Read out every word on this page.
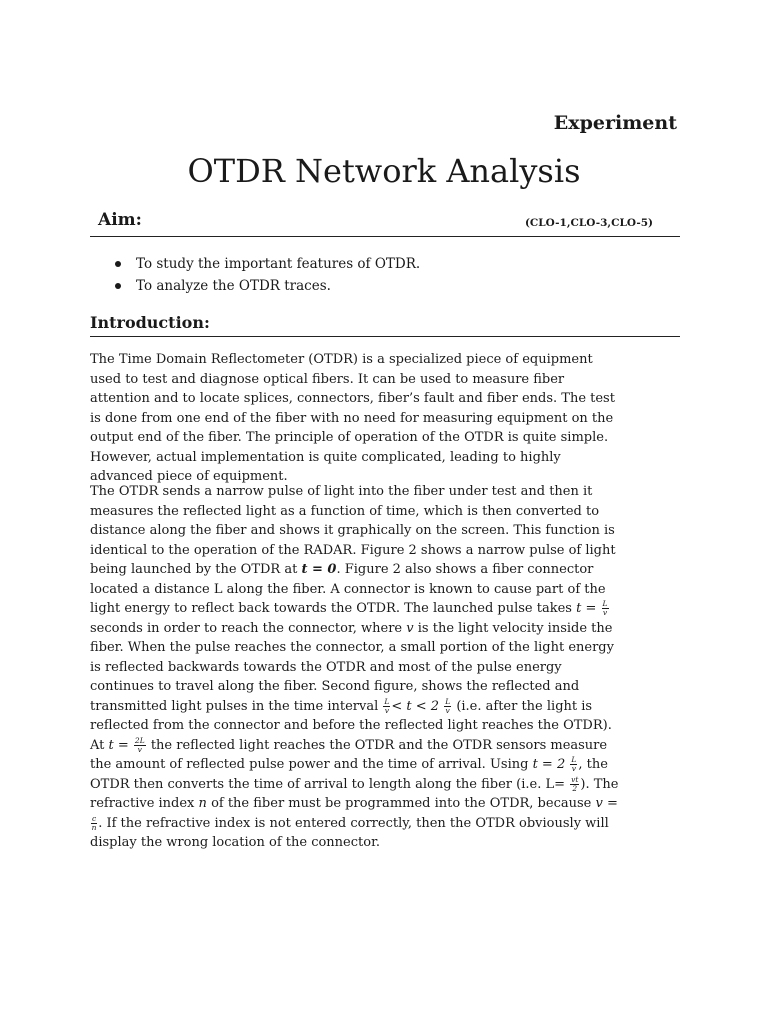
Experiment
OTDR Network Analysis
Aim:	(CLO-1,CLO-3,CLO-5)
To study the important features of OTDR.
To analyze the OTDR traces.
Introduction:

The Time Domain Reflectometer (OTDR) is a specialized piece of equipment used to test and diagnose optical fibers. It can be used to measure fiber attention and to locate splices, connectors, fiber’s fault and fiber ends. The test is done from one end of the fiber with no need for measuring equipment on the output end of the fiber. The principle of operation of the OTDR is quite simple. However, actual implementation is quite complicated, leading to highly advanced piece of equipment.

The OTDR sends a narrow pulse of light into the fiber under test and then it measures the reflected light as a function of time, which is then converted to distance along the fiber and shows it graphically on the screen. This function is identical to the operation of the RADAR. Figure 2 shows a narrow pulse of light being launched by the OTDR at t = 0. Figure 2 also shows a fiber connector located a distance L along the fiber. A connector is known to cause part of the light energy to reflect back towards the OTDR. The launched pulse takes $t = \frac{L}{v}$
seconds in order to reach the connector, where v is the light velocity inside the fiber. When the pulse reaches the connector, a small portion of the light energy is reflected backwards towards the OTDR and most of the pulse energy continues to travel along the fiber. Second figure, shows the reflected and transmitted light pulses in the time interval $\frac{L}{v} < t < 2 \frac{L}{v} (i.e$. after the light is reflected from the connector and before the reflected light reaches the OTDR). At $t = \frac{2L}{v}$ the reflected light reaches the OTDR and the OTDR sensors measure the amount of reflected pulse power and the time of arrival. Using $t = 2 \frac{L}{v}$ , the OTDR then converts the time of arrival to length along the fiber (i.e. $L= \frac{vt}{2}$ ). The refractive index n of the fiber must be programmed into the OTDR, because v =
$\frac{c}{n}$ . If the refractive index is not entered correctly, then the OTDR obviously will display the wrong location of the connector.
